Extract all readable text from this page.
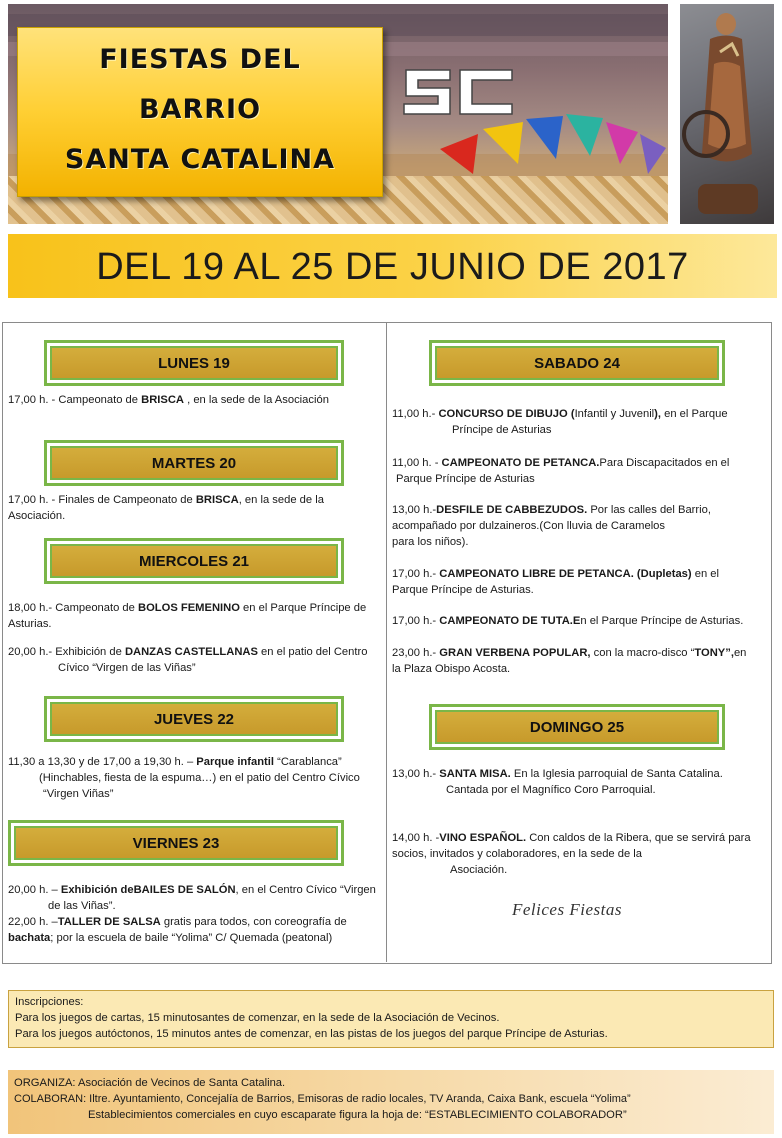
FIESTAS DEL
BARRIO
SANTA CATALINA
DEL 19 AL 25 DE JUNIO DE 2017
LUNES 19
17,00 h. - Campeonato de BRISCA , en la sede de la Asociación
MARTES 20
17,00 h. - Finales de Campeonato de BRISCA, en la sede de la
Asociación.
MIERCOLES 21
18,00 h.- Campeonato de BOLOS FEMENINO en el Parque Príncipe de
Asturias.
20,00 h.- Exhibición de DANZAS CASTELLANAS en el patio del Centro
Cívico “Virgen de las Viñas”
JUEVES 22
11,30 a 13,30 y de 17,00 a 19,30 h. – Parque infantil “Carablanca”
(Hinchables, fiesta de la espuma…) en el patio del Centro Cívico
“Virgen Viñas”
VIERNES 23
20,00 h. – Exhibición deBAILES DE SALÓN, en el Centro Cívico “Virgen
de las Viñas”.
22,00 h. –TALLER DE SALSA gratis para todos, con coreografía de
bachata; por la escuela de baile “Yolima” C/ Quemada (peatonal)
SABADO 24
11,00 h.- CONCURSO DE DIBUJO (Infantil y Juvenil), en el Parque
Príncipe de Asturias
11,00 h. - CAMPEONATO DE PETANCA.Para Discapacitados en el
Parque Príncipe de Asturias
13,00 h.-DESFILE DE CABBEZUDOS. Por las calles del Barrio,
acompañado por dulzaineros.(Con lluvia de Caramelos
para los niños).
17,00 h.- CAMPEONATO LIBRE DE PETANCA. (Dupletas) en el
Parque Príncipe de Asturias.
17,00 h.- CAMPEONATO DE TUTA.En el Parque Príncipe de Asturias.
23,00 h.- GRAN VERBENA POPULAR, con la macro-disco “TONY”,en
la Plaza Obispo Acosta.
DOMINGO 25
13,00 h.- SANTA MISA. En la Iglesia parroquial de Santa Catalina.
Cantada por el Magnífico Coro Parroquial.
14,00 h. -VINO ESPAÑOL. Con caldos de la Ribera, que se servirá para
socios, invitados y colaboradores, en la sede de la
Asociación.
Felices Fiestas
Inscripciones:
Para los juegos de cartas, 15 minutosantes de comenzar, en la sede de la Asociación de Vecinos.
Para los juegos autóctonos, 15 minutos antes de comenzar, en las pistas de los juegos del parque Príncipe de Asturias.
ORGANIZA: Asociación de Vecinos de Santa Catalina.
COLABORAN: Iltre. Ayuntamiento, Concejalía de Barrios, Emisoras de radio locales, TV Aranda, Caixa Bank, escuela “Yolima”
Establecimientos comerciales en cuyo escaparate figura la hoja de: “ESTABLECIMIENTO COLABORADOR”
